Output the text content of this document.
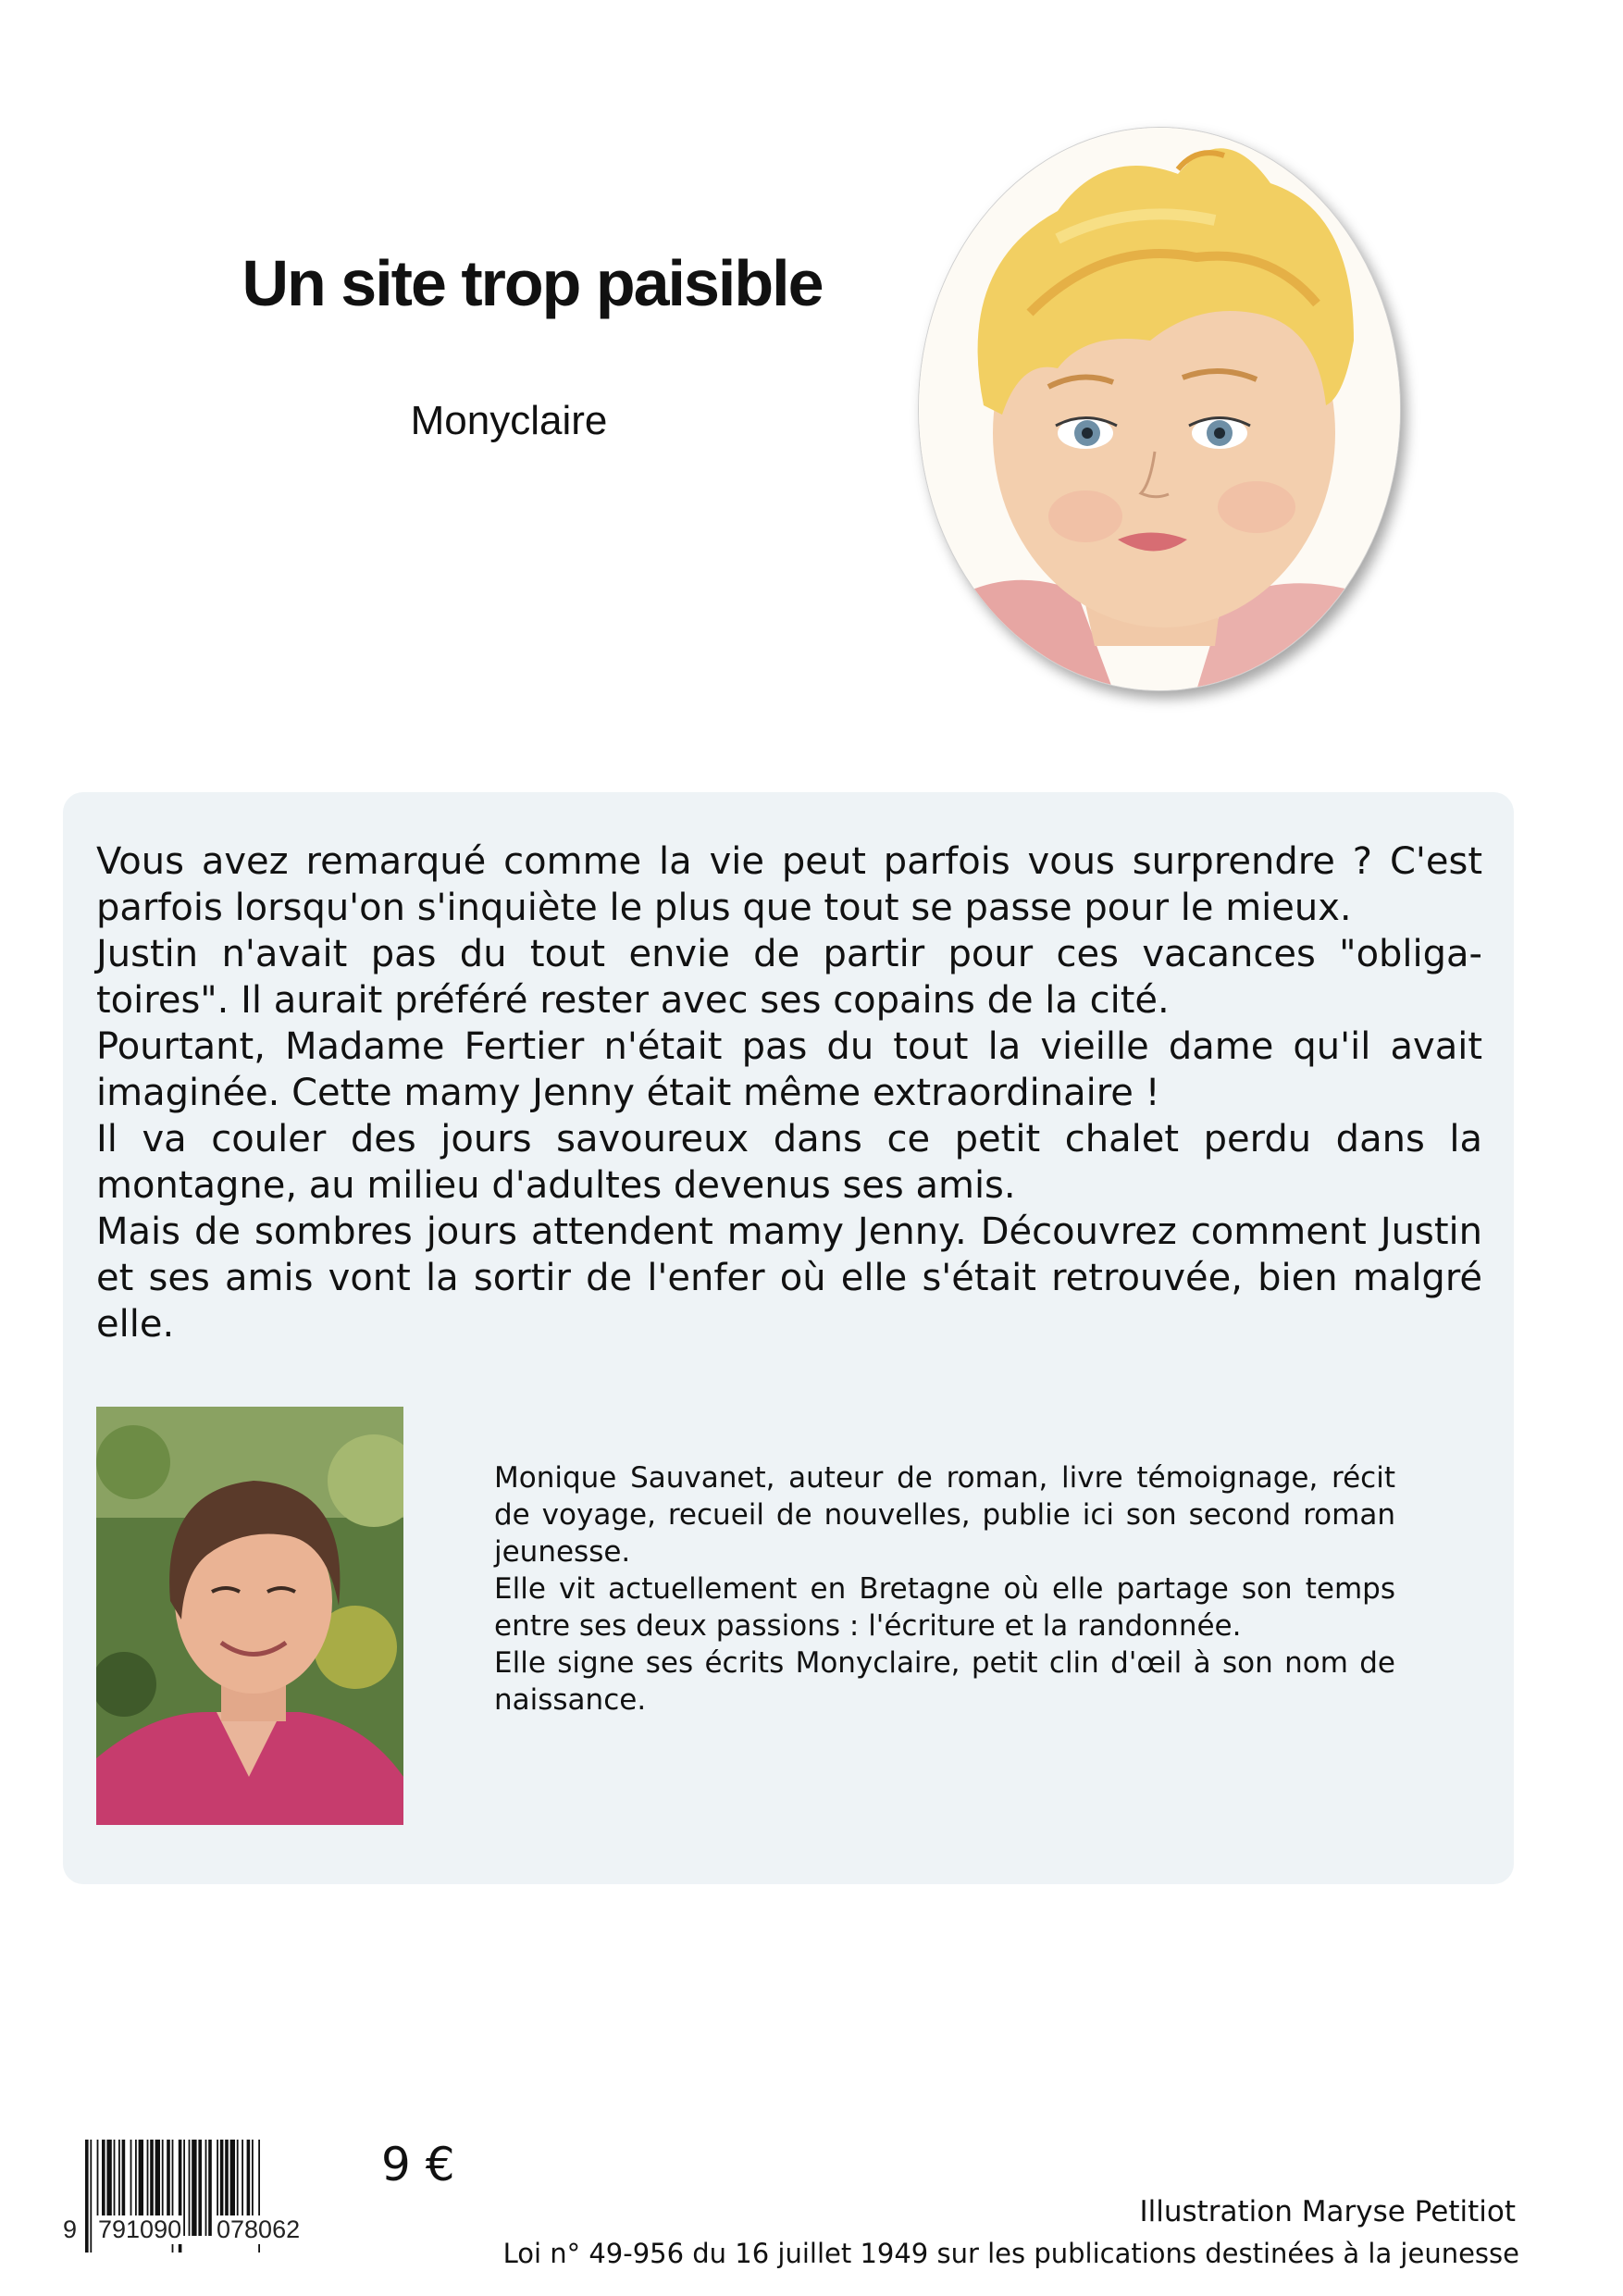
Un site trop paisible
Monyclaire

Vous avez remarqué comme la vie peut parfois vous surprendre ? C'est parfois lorsqu'on s'inquiète le plus que tout se passe pour le mieux.

Justin n'avait pas du tout envie de partir pour ces vacances "obliga-toires". Il aurait préféré rester avec ses copains de la cité.

Pourtant, Madame Fertier n'était pas du tout la vieille dame qu'il avait imaginée. Cette mamy Jenny était même extraordinaire !

Il va couler des jours savoureux dans ce petit chalet perdu dans la montagne, au milieu d'adultes devenus ses amis.

Mais de sombres jours attendent mamy Jenny. Découvrez comment Justin et ses amis vont la sortir de l'enfer où elle s'était retrouvée, bien malgré elle.

Monique Sauvanet, auteur de roman, livre témoignage, récit de voyage, recueil de nouvelles, publie ici son second roman jeunesse.

Elle vit actuellement en Bretagne où elle partage son temps entre ses deux passions : l'écriture et la randonnée.

Elle signe ses écrits Monyclaire, petit clin d'œil à son nom de naissance.

9 791090 078062
9 €
Illustration Maryse Petitiot
Loi n° 49-956 du 16 juillet 1949 sur les publications destinées à la jeunesse
